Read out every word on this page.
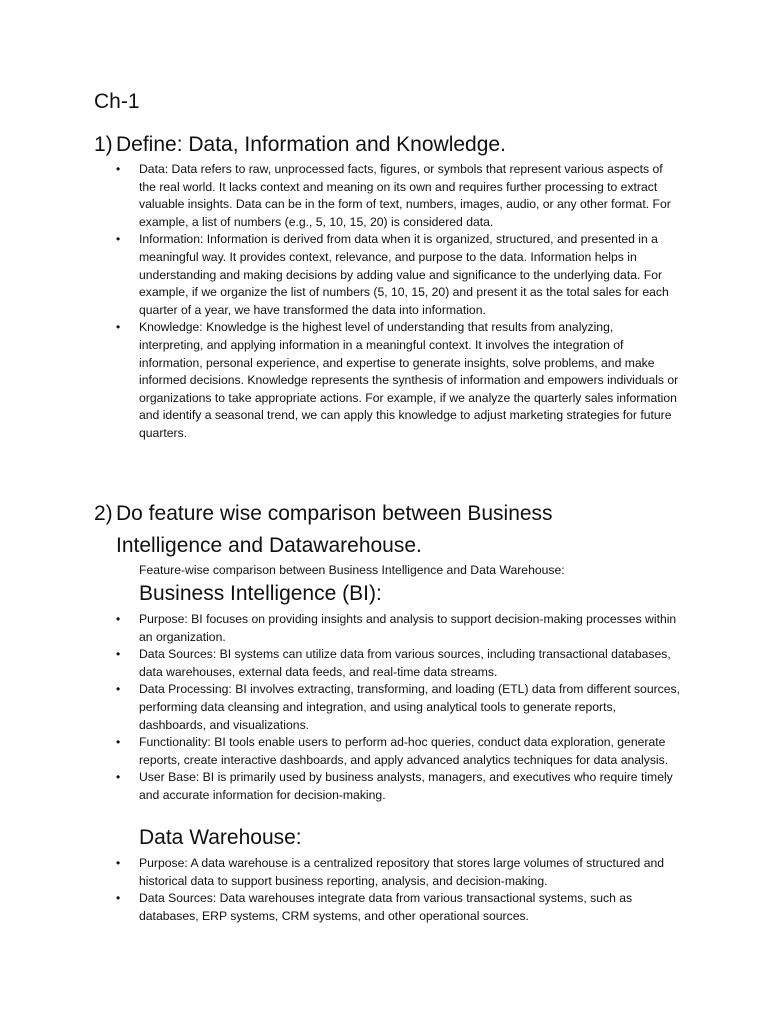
Ch-1
1) Define: Data, Information and Knowledge.
• Data: Data refers to raw, unprocessed facts, figures, or symbols that represent various aspects of the real world. It lacks context and meaning on its own and requires further processing to extract valuable insights. Data can be in the form of text, numbers, images, audio, or any other format. For example, a list of numbers (e.g., 5, 10, 15, 20) is considered data.
• Information: Information is derived from data when it is organized, structured, and presented in a meaningful way. It provides context, relevance, and purpose to the data. Information helps in understanding and making decisions by adding value and significance to the underlying data. For example, if we organize the list of numbers (5, 10, 15, 20) and present it as the total sales for each quarter of a year, we have transformed the data into information.
• Knowledge: Knowledge is the highest level of understanding that results from analyzing, interpreting, and applying information in a meaningful context. It involves the integration of information, personal experience, and expertise to generate insights, solve problems, and make informed decisions. Knowledge represents the synthesis of information and empowers individuals or organizations to take appropriate actions. For example, if we analyze the quarterly sales information and identify a seasonal trend, we can apply this knowledge to adjust marketing strategies for future quarters.
2) Do feature wise comparison between Business
Intelligence and Datawarehouse.
Feature-wise comparison between Business Intelligence and Data Warehouse:
Business Intelligence (BI):
• Purpose: BI focuses on providing insights and analysis to support decision-making processes within an organization.
• Data Sources: BI systems can utilize data from various sources, including transactional databases, data warehouses, external data feeds, and real-time data streams.
• Data Processing: BI involves extracting, transforming, and loading (ETL) data from different sources, performing data cleansing and integration, and using analytical tools to generate reports, dashboards, and visualizations.
• Functionality: BI tools enable users to perform ad-hoc queries, conduct data exploration, generate reports, create interactive dashboards, and apply advanced analytics techniques for data analysis.
• User Base: BI is primarily used by business analysts, managers, and executives who require timely and accurate information for decision-making.
Data Warehouse:
• Purpose: A data warehouse is a centralized repository that stores large volumes of structured and historical data to support business reporting, analysis, and decision-making.
• Data Sources: Data warehouses integrate data from various transactional systems, such as databases, ERP systems, CRM systems, and other operational sources.
